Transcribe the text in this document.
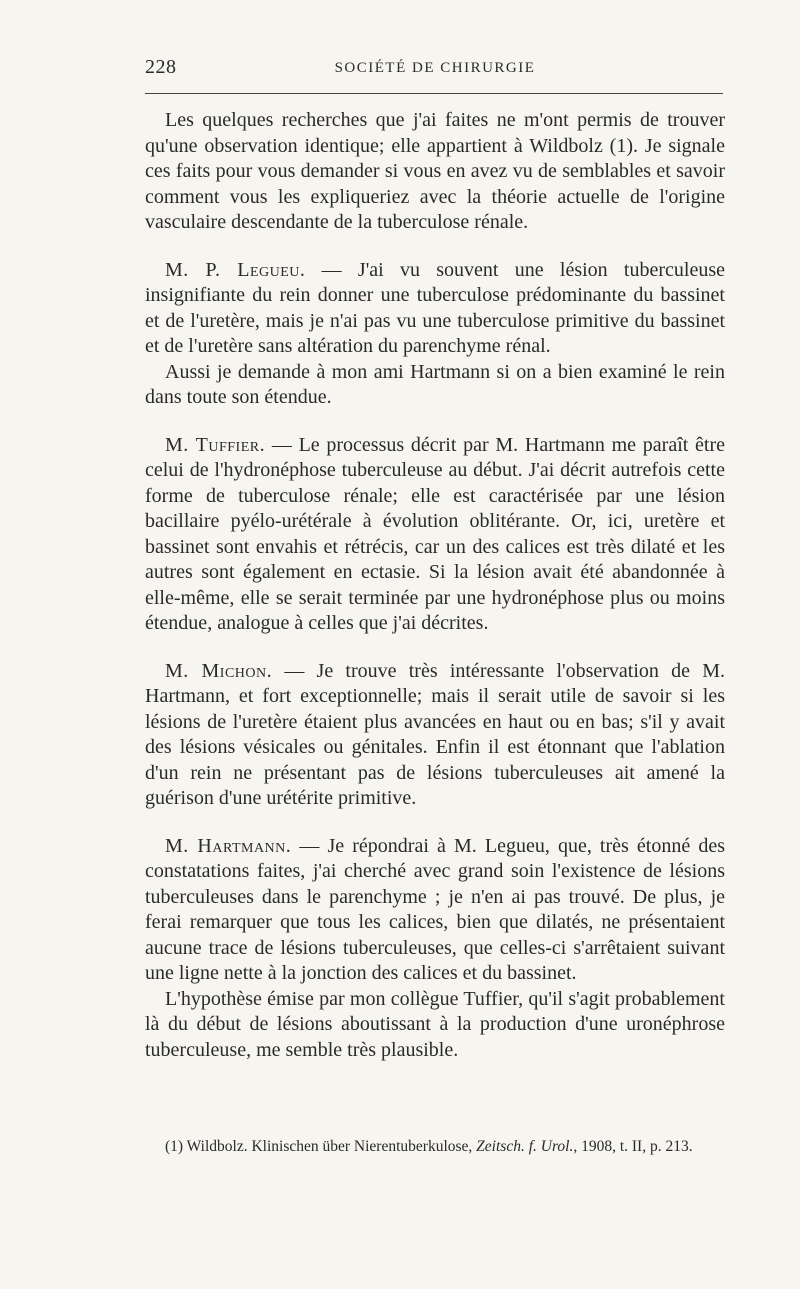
228	SOCIÉTÉ DE CHIRURGIE

Les quelques recherches que j'ai faites ne m'ont permis de trouver qu'une observation identique; elle appartient à Wildbolz (1). Je signale ces faits pour vous demander si vous en avez vu de semblables et savoir comment vous les expliqueriez avec la théorie actuelle de l'origine vasculaire descendante de la tuberculose rénale.

M. P. Legueu. — J'ai vu souvent une lésion tuberculeuse insignifiante du rein donner une tuberculose prédominante du bassinet et de l'uretère, mais je n'ai pas vu une tuberculose primitive du bassinet et de l'uretère sans altération du parenchyme rénal.

Aussi je demande à mon ami Hartmann si on a bien examiné le rein dans toute son étendue.

M. Tuffier. — Le processus décrit par M. Hartmann me paraît être celui de l'hydronéphose tuberculeuse au début. J'ai décrit autrefois cette forme de tuberculose rénale; elle est caractérisée par une lésion bacillaire pyélo-urétérale à évolution oblitérante. Or, ici, uretère et bassinet sont envahis et rétrécis, car un des calices est très dilaté et les autres sont également en ectasie. Si la lésion avait été abandonnée à elle-même, elle se serait terminée par une hydronéphose plus ou moins étendue, analogue à celles que j'ai décrites.

M. Michon. — Je trouve très intéressante l'observation de M. Hartmann, et fort exceptionnelle; mais il serait utile de savoir si les lésions de l'uretère étaient plus avancées en haut ou en bas; s'il y avait des lésions vésicales ou génitales. Enfin il est étonnant que l'ablation d'un rein ne présentant pas de lésions tuberculeuses ait amené la guérison d'une urétérite primitive.

M. Hartmann. — Je répondrai à M. Legueu, que, très étonné des constatations faites, j'ai cherché avec grand soin l'existence de lésions tuberculeuses dans le parenchyme ; je n'en ai pas trouvé. De plus, je ferai remarquer que tous les calices, bien que dilatés, ne présentaient aucune trace de lésions tuberculeuses, que celles-ci s'arrêtaient suivant une ligne nette à la jonction des calices et du bassinet.

L'hypothèse émise par mon collègue Tuffier, qu'il s'agit probablement là du début de lésions aboutissant à la production d'une uronéphrose tuberculeuse, me semble très plausible.

(1) Wildbolz. Klinischen über Nierentuberkulose, Zeitsch. f. Urol., 1908, t. II, p. 213.
